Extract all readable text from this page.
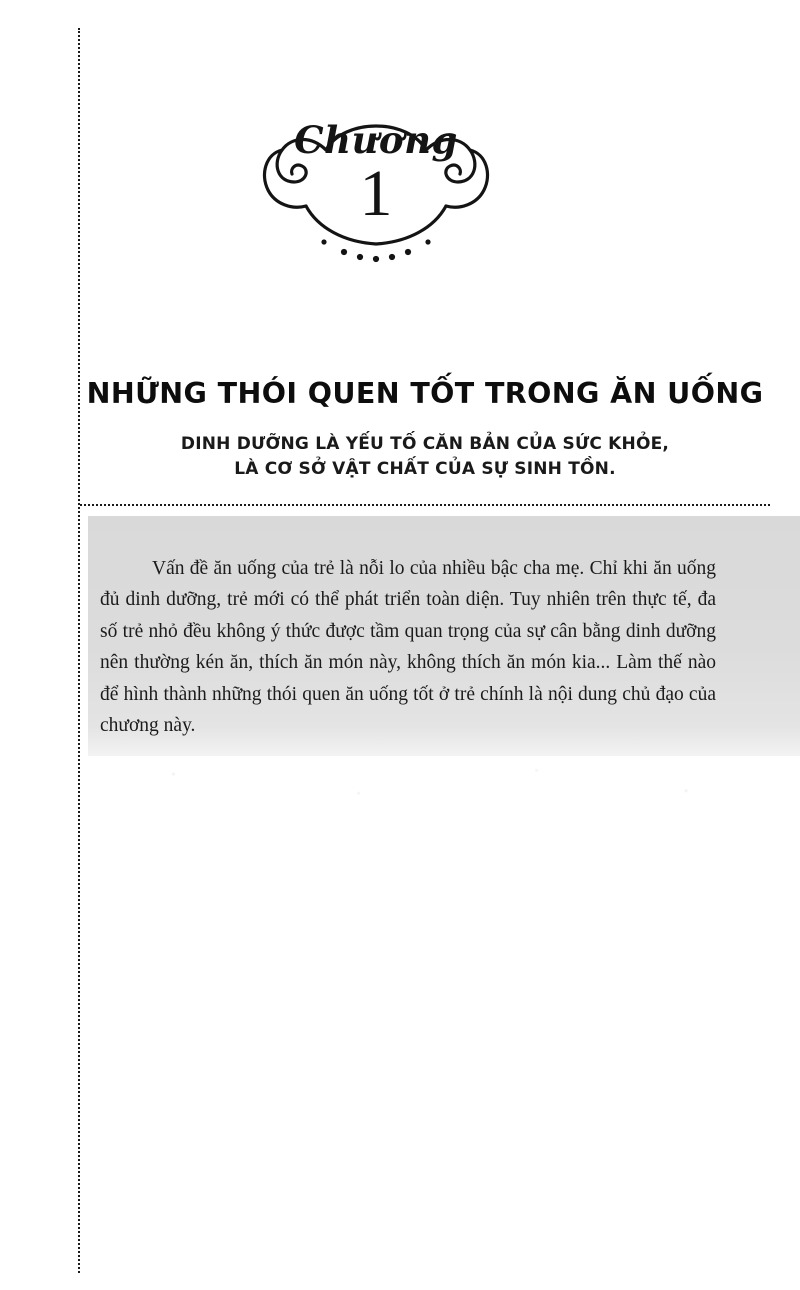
Chương
1
NHỮNG THÓI QUEN TỐT TRONG ĂN UỐNG
DINH DƯỠNG LÀ YẾU TỐ CĂN BẢN CỦA SỨC KHỎE,
LÀ CƠ SỞ VẬT CHẤT CỦA SỰ SINH TỒN.

Vấn đề ăn uống của trẻ là nỗi lo của nhiều bậc cha mẹ. Chỉ khi ăn uống đủ dinh dưỡng, trẻ mới có thể phát triển toàn diện. Tuy nhiên trên thực tế, đa số trẻ nhỏ đều không ý thức được tầm quan trọng của sự cân bằng dinh dưỡng nên thường kén ăn, thích ăn món này, không thích ăn món kia... Làm thế nào để hình thành những thói quen ăn uống tốt ở trẻ chính là nội dung chủ đạo của chương này.
